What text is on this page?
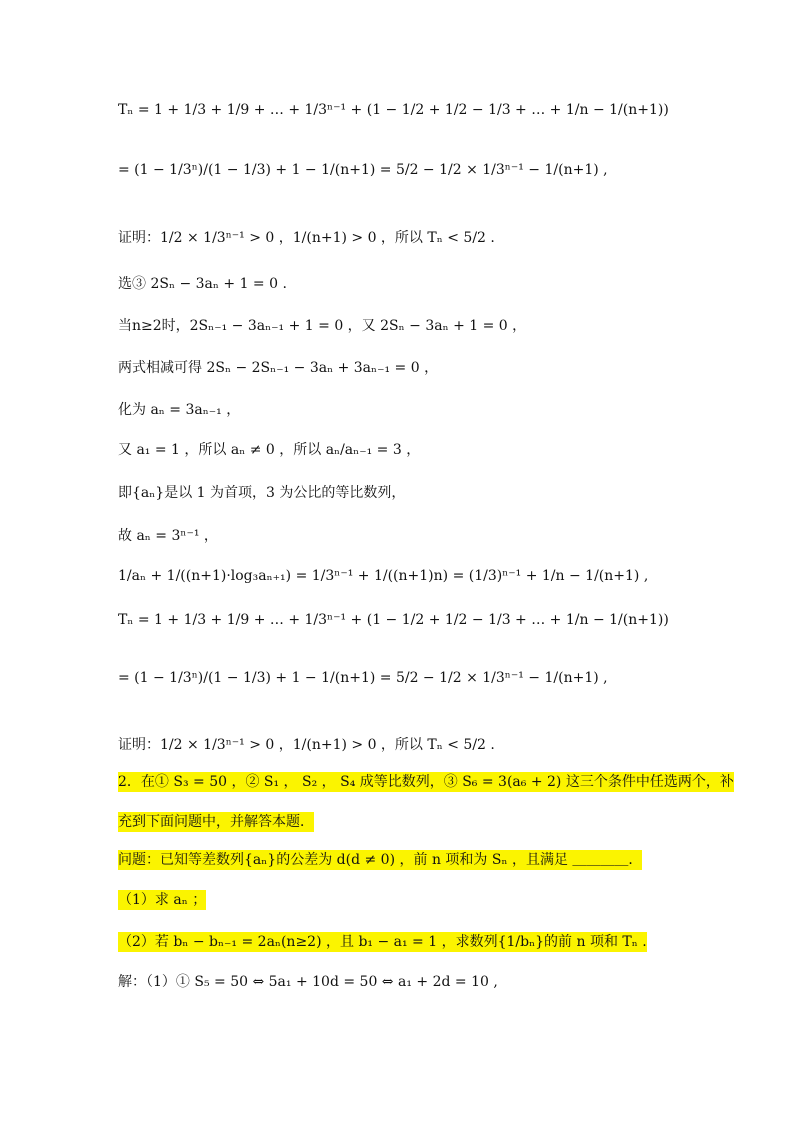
Tₙ = 1 + 1/3 + 1/9 + … + 1/3ⁿ⁻¹ + (1 − 1/2 + 1/2 − 1/3 + … + 1/n − 1/(n+1))
= (1 − 1/3ⁿ)/(1 − 1/3) + 1 − 1/(n+1) = 5/2 − 1/2 × 1/3ⁿ⁻¹ − 1/(n+1) ,
证明：1/2 × 1/3ⁿ⁻¹ > 0 ，1/(n+1) > 0 ，所以 Tₙ < 5/2 .
选③ 2Sₙ − 3aₙ + 1 = 0 .
当n≥2时，2Sₙ₋₁ − 3aₙ₋₁ + 1 = 0 ，又 2Sₙ − 3aₙ + 1 = 0 ，
两式相减可得 2Sₙ − 2Sₙ₋₁ − 3aₙ + 3aₙ₋₁ = 0 ，
化为 aₙ = 3aₙ₋₁ ，
又 a₁ = 1 ，所以 aₙ ≠ 0 ，所以 aₙ/aₙ₋₁ = 3 ，
即{aₙ}是以 1 为首项，3 为公比的等比数列，
故 aₙ = 3ⁿ⁻¹ ，
1/aₙ + 1/((n+1)·log₃aₙ₊₁) = 1/3ⁿ⁻¹ + 1/((n+1)n) = (1/3)ⁿ⁻¹ + 1/n − 1/(n+1) ,
Tₙ = 1 + 1/3 + 1/9 + … + 1/3ⁿ⁻¹ + (1 − 1/2 + 1/2 − 1/3 + … + 1/n − 1/(n+1))
= (1 − 1/3ⁿ)/(1 − 1/3) + 1 − 1/(n+1) = 5/2 − 1/2 × 1/3ⁿ⁻¹ − 1/(n+1) ,
证明：1/2 × 1/3ⁿ⁻¹ > 0 ，1/(n+1) > 0 ，所以 Tₙ < 5/2 .
2．在① S₃ = 50 ，② S₁ ， S₂ ， S₄ 成等比数列，③ S₆ = 3(a₆ + 2) 这三个条件中任选两个，补
充到下面问题中，并解答本题．
问题：已知等差数列{aₙ}的公差为 d(d ≠ 0) ，前 n 项和为 Sₙ ，且满足 ＿＿＿＿．
（1）求 aₙ ；
（2）若 bₙ − bₙ₋₁ = 2aₙ(n≥2) ，且 b₁ − a₁ = 1 ，求数列{1/bₙ}的前 n 项和 Tₙ .
解：（1）① S₅ = 50 ⇔ 5a₁ + 10d = 50 ⇔ a₁ + 2d = 10 ,
